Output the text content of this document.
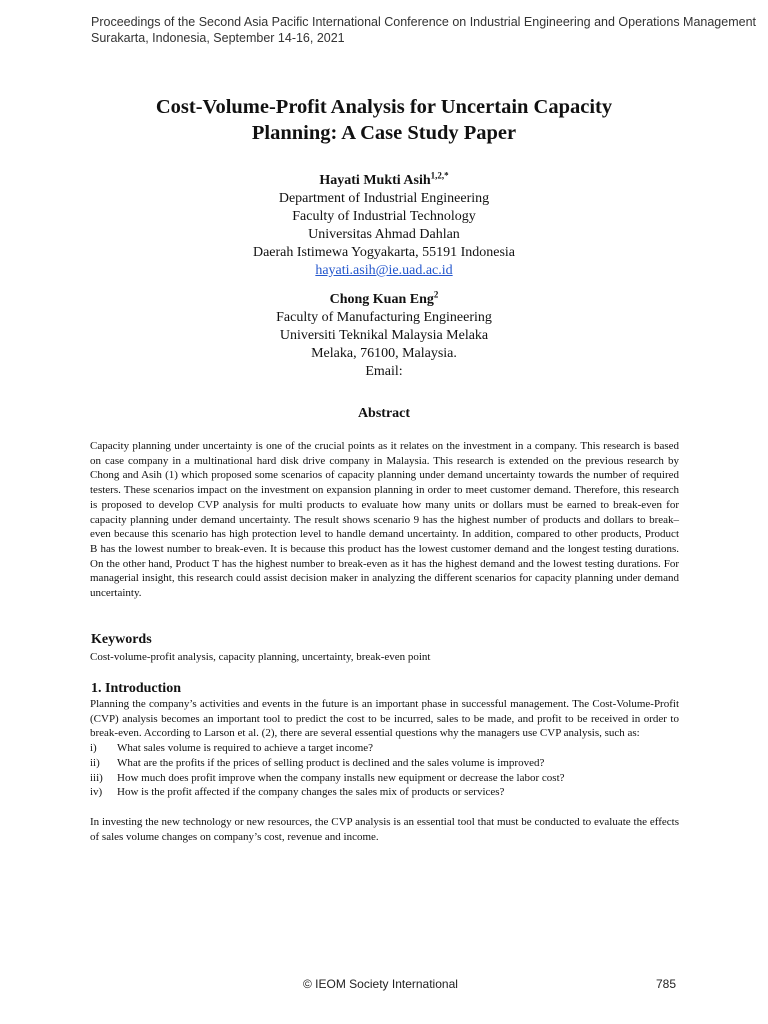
Proceedings of the Second Asia Pacific International Conference on Industrial Engineering and Operations Management
Surakarta, Indonesia, September 14-16, 2021
Cost-Volume-Profit Analysis for Uncertain Capacity
Planning: A Case Study Paper
Hayati Mukti Asih$^{1,2,*}$
Department of Industrial Engineering
Faculty of Industrial Technology
Universitas Ahmad Dahlan
Daerah Istimewa Yogyakarta, 55191 Indonesia
hayati.asih@ie.uad.ac.id
Chong Kuan Eng$^2$
Faculty of Manufacturing Engineering
Universiti Teknikal Malaysia Melaka
Melaka, 76100, Malaysia.
Email:
Abstract
Capacity planning under uncertainty is one of the crucial points as it relates on the investment in a company. This research is based on case company in a multinational hard disk drive company in Malaysia. This research is extended on the previous research by Chong and Asih (1) which proposed some scenarios of capacity planning under demand uncertainty towards the number of required testers. These scenarios impact on the investment on expansion planning in order to meet customer demand. Therefore, this research is proposed to develop CVP analysis for multi products to evaluate how many units or dollars must be earned to break-even for capacity planning under demand uncertainty. The result shows scenario 9 has the highest number of products and dollars to break–even because this scenario has high protection level to handle demand uncertainty. In addition, compared to other products, Product B has the lowest number to break-even. It is because this product has the lowest customer demand and the longest testing durations. On the other hand, Product T has the highest number to break-even as it has the highest demand and the lowest testing durations. For managerial insight, this research could assist decision maker in analyzing the different scenarios for capacity planning under demand uncertainty.
Keywords
Cost-volume-profit analysis, capacity planning, uncertainty, break-even point
1. Introduction
Planning the company’s activities and events in the future is an important phase in successful management. The Cost-Volume-Profit (CVP) analysis becomes an important tool to predict the cost to be incurred, sales to be made, and profit to be received in order to break-even. According to Larson et al. (2), there are several essential questions why the managers use CVP analysis, such as:
i)	What sales volume is required to achieve a target income?
ii)	What are the profits if the prices of selling product is declined and the sales volume is improved?
iii)	How much does profit improve when the company installs new equipment or decrease the labor cost?
iv)	How is the profit affected if the company changes the sales mix of products or services?
In investing the new technology or new resources, the CVP analysis is an essential tool that must be conducted to evaluate the effects of sales volume changes on company’s cost, revenue and income.
© IEOM Society International	785
